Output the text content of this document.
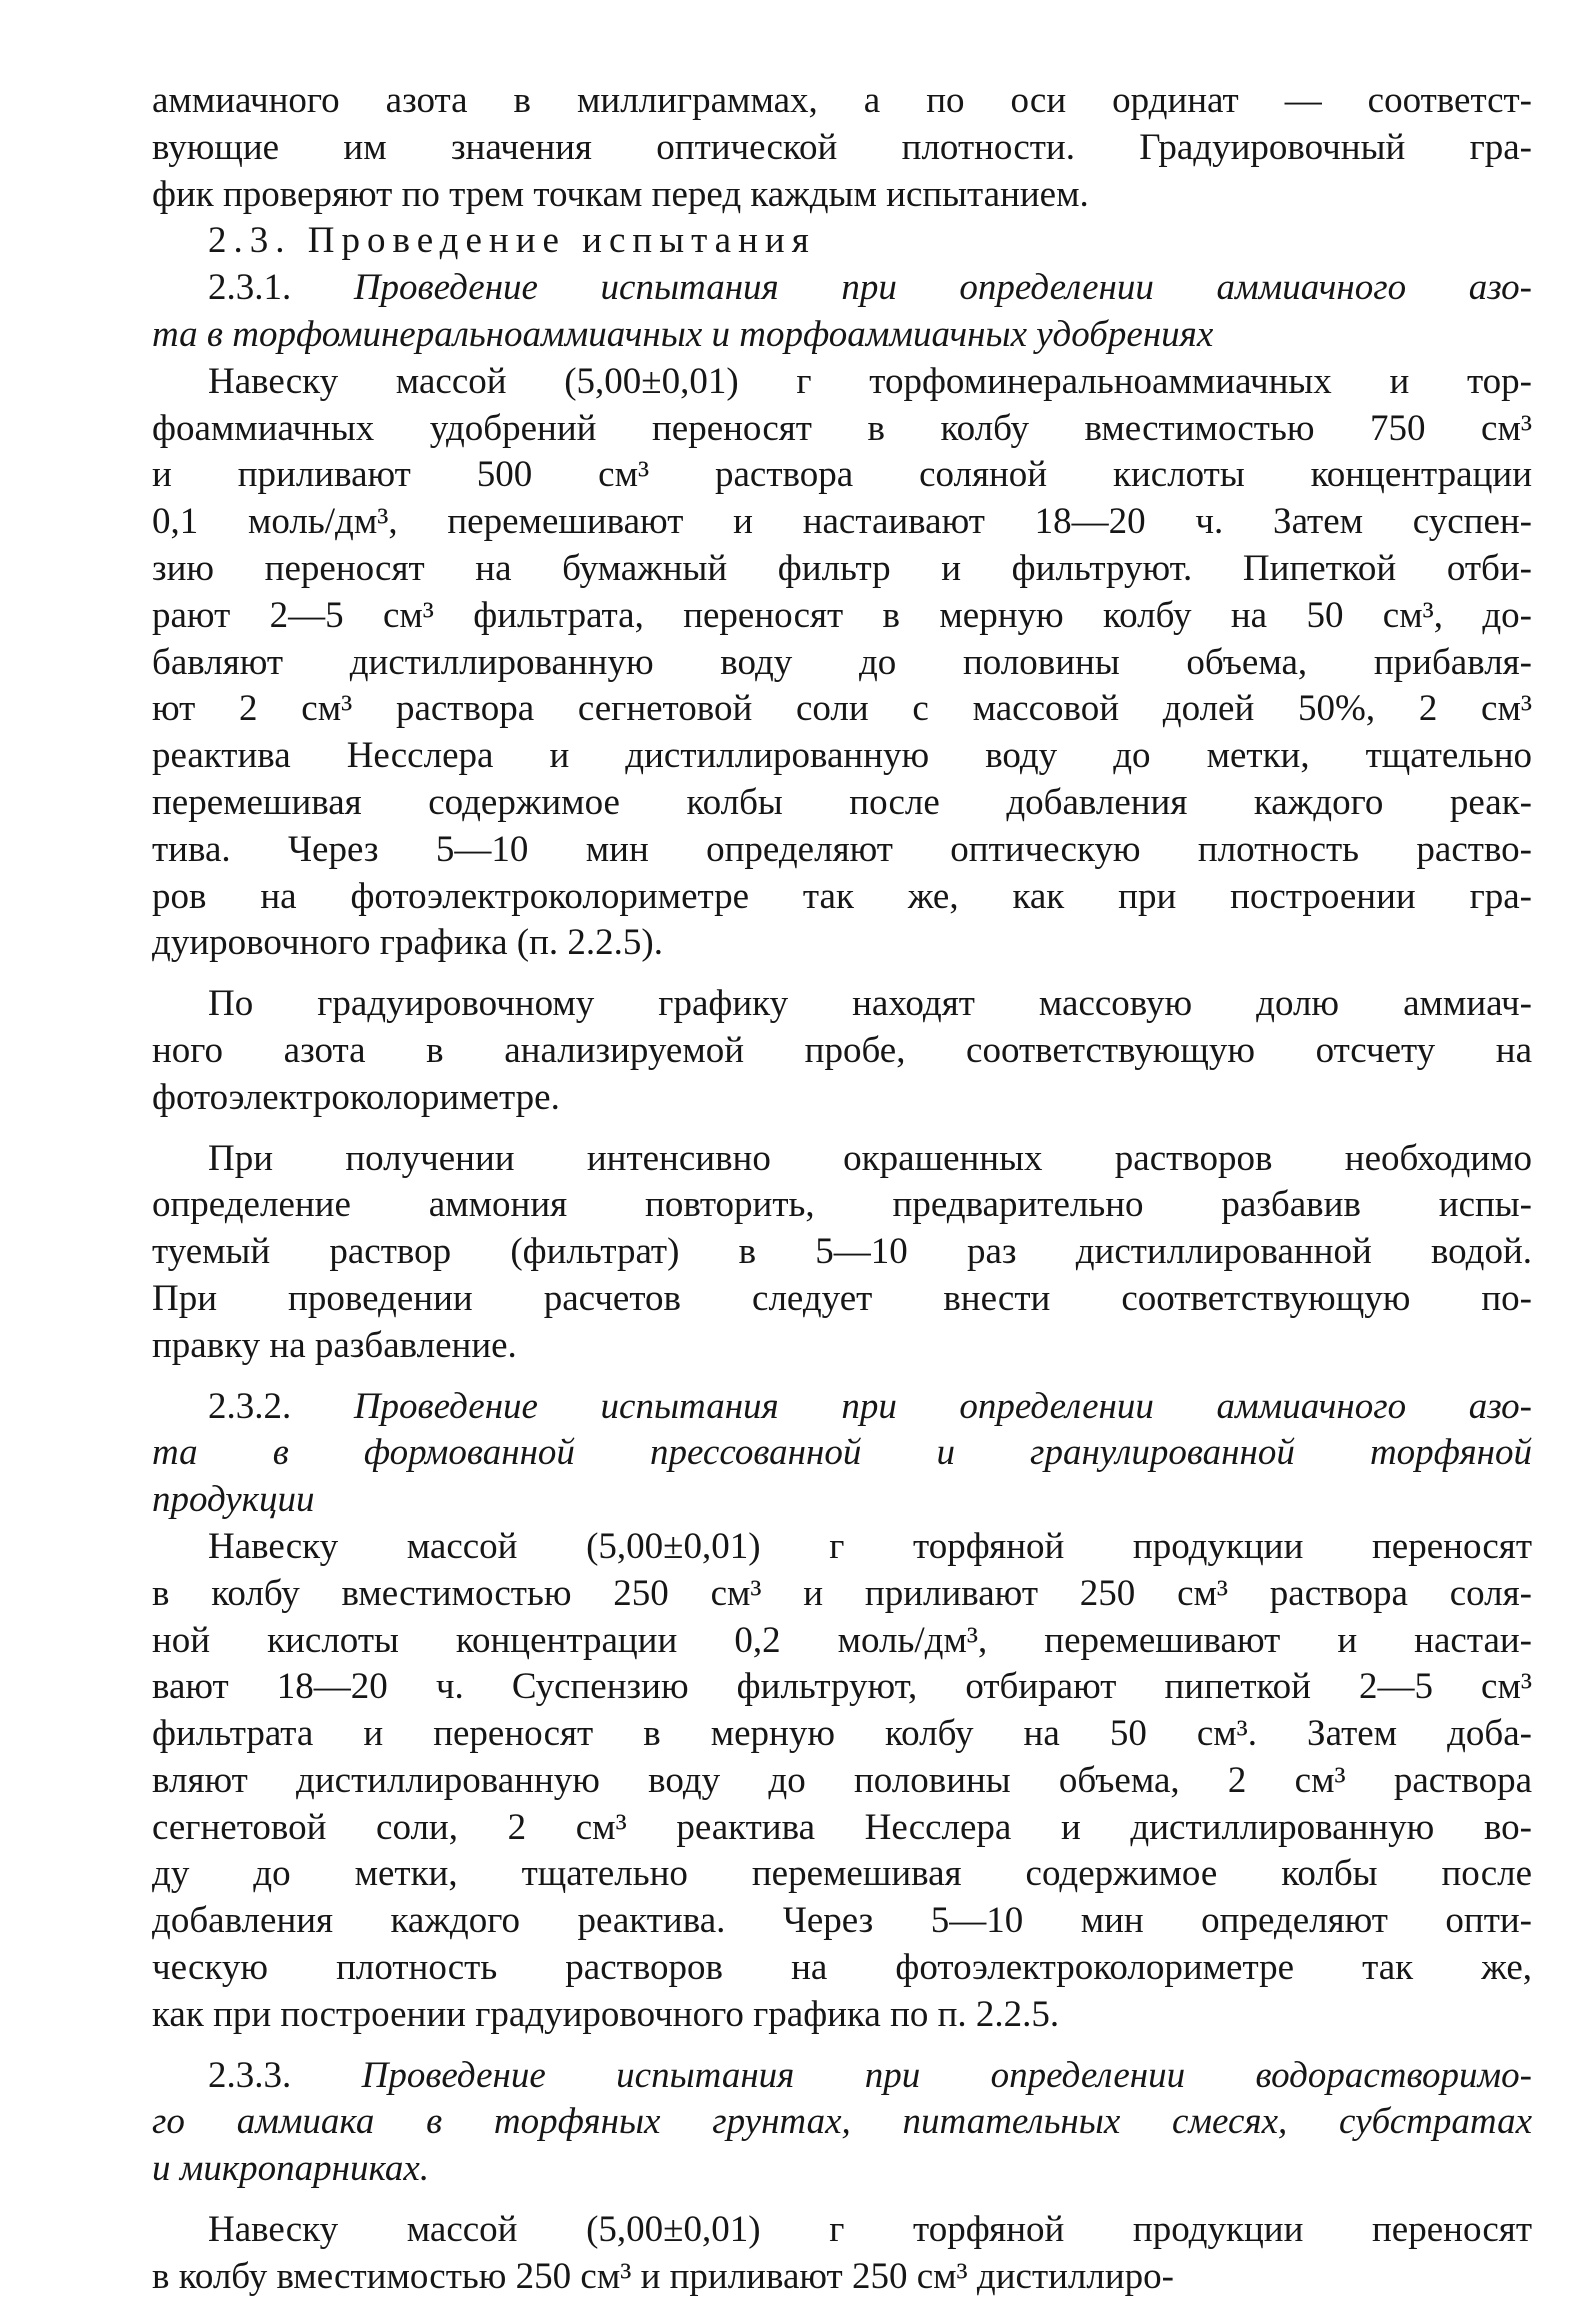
аммиачного азота в миллиграммах, а по оси ординат — соответст-
вующие им значения оптической плотности. Градуировочный гра-
фик проверяют по трем точкам перед каждым испытанием.
2.3. Проведение испытания
2.3.1. Проведение испытания при определении аммиачного азо-
та в торфоминеральноаммиачных и торфоаммиачных удобрениях
Навеску массой (5,00±0,01) г торфоминеральноаммиачных и тор-
фоаммиачных удобрений переносят в колбу вместимостью 750 см³
и приливают 500 см³ раствора соляной кислоты концентрации
0,1 моль/дм³, перемешивают и настаивают 18—20 ч. Затем суспен-
зию переносят на бумажный фильтр и фильтруют. Пипеткой отби-
рают 2—5 см³ фильтрата, переносят в мерную колбу на 50 см³, до-
бавляют дистиллированную воду до половины объема, прибавля-
ют 2 см³ раствора сегнетовой соли с массовой долей 50%, 2 см³
реактива Несслера и дистиллированную воду до метки, тщательно
перемешивая содержимое колбы после добавления каждого реак-
тива. Через 5—10 мин определяют оптическую плотность раство-
ров на фотоэлектроколориметре так же, как при построении гра-
дуировочного графика (п. 2.2.5).
По градуировочному графику находят массовую долю аммиач-
ного азота в анализируемой пробе, соответствующую отсчету на
фотоэлектроколориметре.
При получении интенсивно окрашенных растворов необходимо
определение аммония повторить, предварительно разбавив испы-
туемый раствор (фильтрат) в 5—10 раз дистиллированной водой.
При проведении расчетов следует внести соответствующую по-
правку на разбавление.
2.3.2. Проведение испытания при определении аммиачного азо-
та в формованной прессованной и гранулированной торфяной
продукции
Навеску массой (5,00±0,01) г торфяной продукции переносят
в колбу вместимостью 250 см³ и приливают 250 см³ раствора соля-
ной кислоты концентрации 0,2 моль/дм³, перемешивают и настаи-
вают 18—20 ч. Суспензию фильтруют, отбирают пипеткой 2—5 см³
фильтрата и переносят в мерную колбу на 50 см³. Затем доба-
вляют дистиллированную воду до половины объема, 2 см³ раствора
сегнетовой соли, 2 см³ реактива Несслера и дистиллированную во-
ду до метки, тщательно перемешивая содержимое колбы после
добавления каждого реактива. Через 5—10 мин определяют опти-
ческую плотность растворов на фотоэлектроколориметре так же,
как при построении градуировочного графика по п. 2.2.5.
2.3.3. Проведение испытания при определении водорастворимо-
го аммиака в торфяных грунтах, питательных смесях, субстратах
и микропарниках.
Навеску массой (5,00±0,01) г торфяной продукции переносят
в колбу вместимостью 250 см³ и приливают 250 см³ дистиллиро-
